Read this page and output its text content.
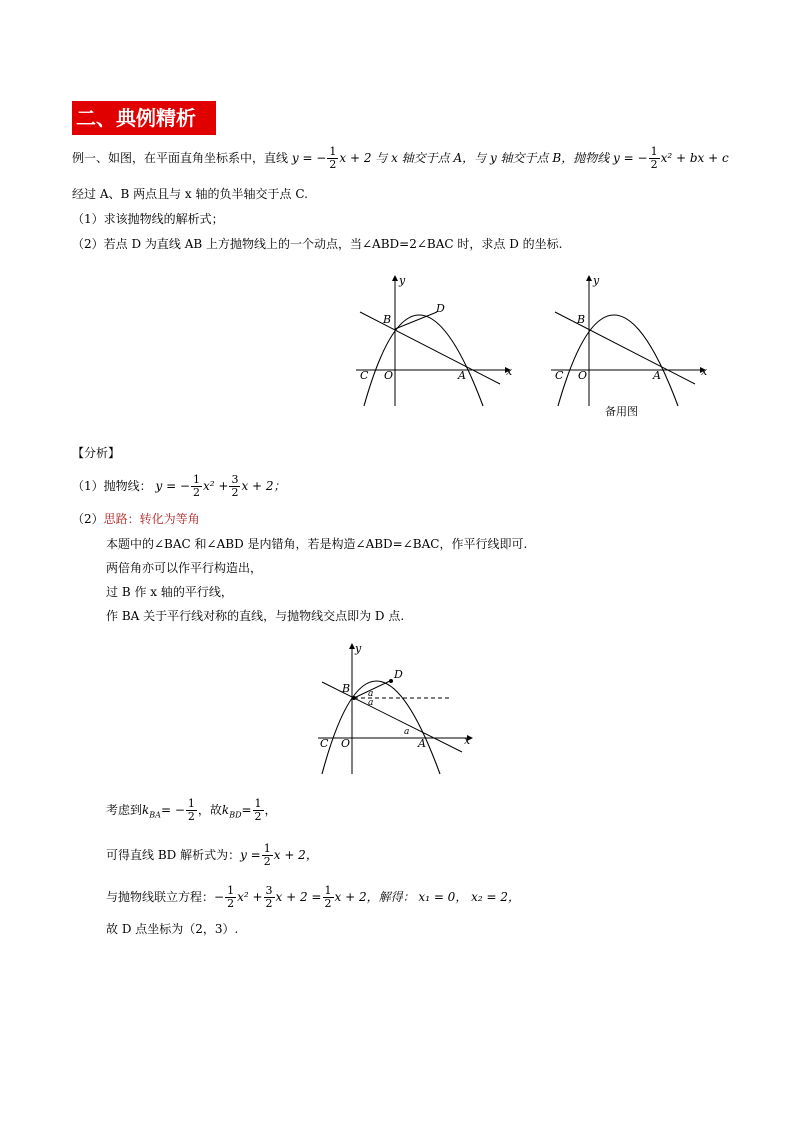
二、典例精析
例一、如图，在平面直角坐标系中，直线 y = − $\frac{1}{2}$ x + 2 与 x 轴交于点 A，与 y 轴交于点 B，抛物线 y = − $\frac{1}{2} x^2$ + bx + c
经过 A、B 两点且与 x 轴的负半轴交于点 C.
（1）求该抛物线的解析式；
（2）若点 D 为直线 AB 上方抛物线上的一个动点，当∠ABD=2∠BAC 时，求点 D 的坐标.
y
x
B
D
C O	A
y
x
B
C O	A
备用图
【分析】
（1）抛物线： y = − $\frac{1}{2} x^2 + \frac{3}{2}$ x + 2；
（2）思路：转化为等角
本题中的∠BAC 和∠ABD 是内错角，若是构造∠ABD=∠BAC，作平行线即可.
两倍角亦可以作平行构造出，
过 B 作 x 轴的平行线，
作 BA 关于平行线对称的直线，与抛物线交点即为 D 点.
y
x
B
D
a
a
a
C O	A
考虑到$k_{BA}= - \frac{1}{2}$ ，故$k_{BD}= \frac{1}{2}$ ，
可得直线 BD 解析式为：$y = \frac{1}{2}$ x + 2，
与抛物线联立方程：− $\frac{1}{2} x^2 + \frac{3}{2}$ $x + 2 = \frac{1}{2}$ x + 2，解得： x₁ = 0， x₂ = 2，
故 D 点坐标为（2，3）.
